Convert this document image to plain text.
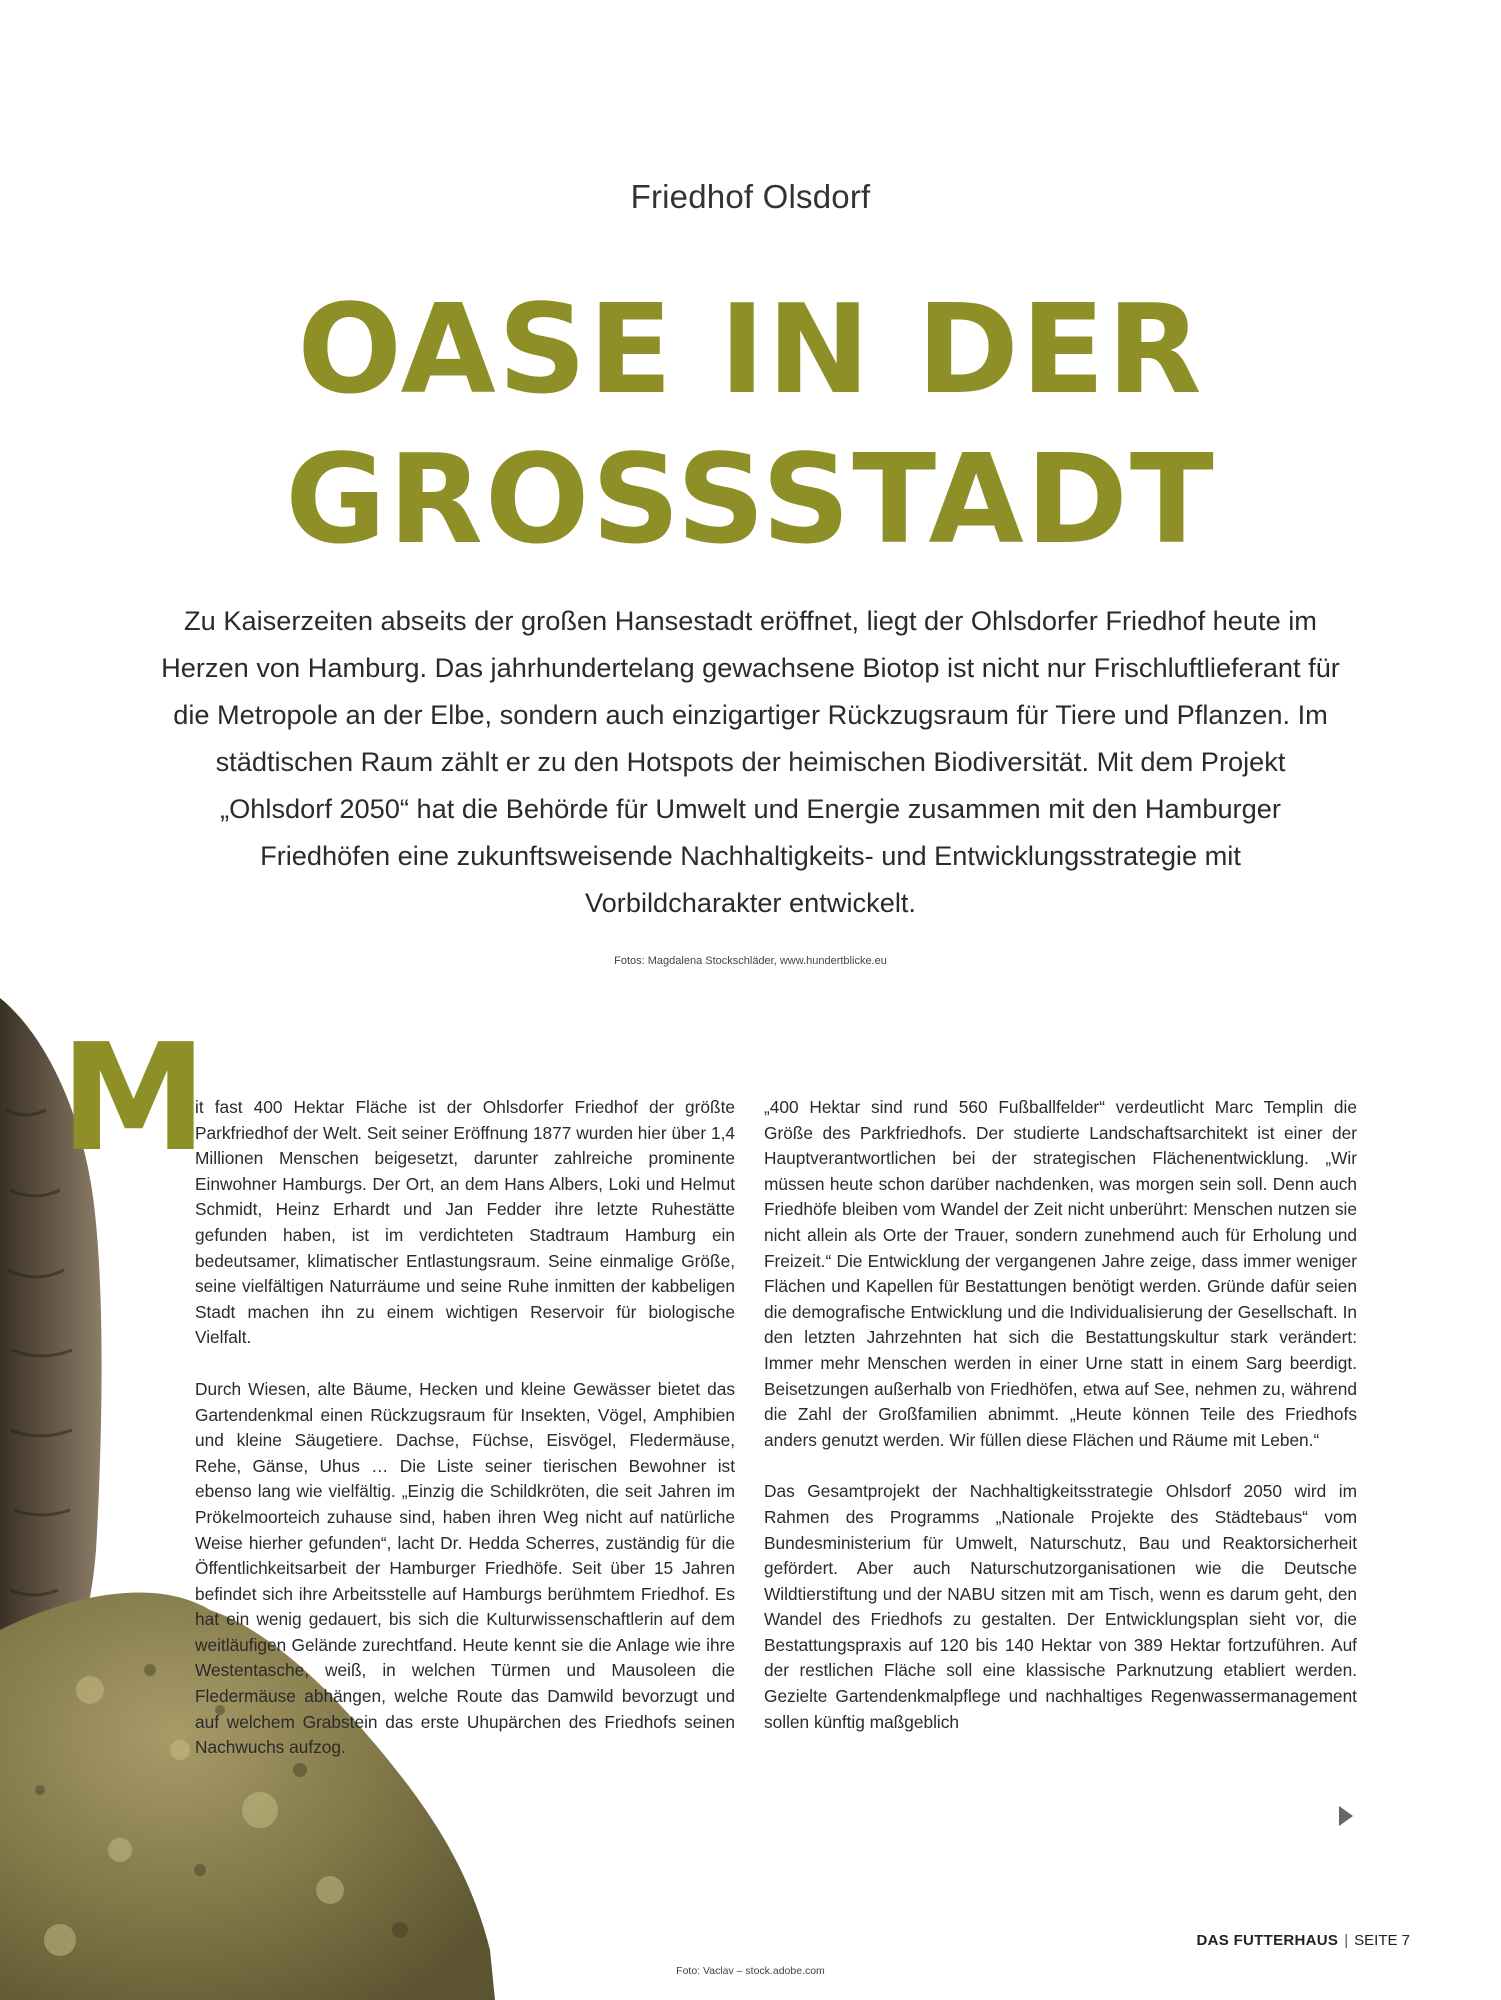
Friedhof Olsdorf
OASE IN DER
GROSSSTADT
Zu Kaiserzeiten abseits der großen Hansestadt eröffnet, liegt der Ohlsdorfer Friedhof heute im Herzen von Hamburg. Das jahrhundertelang gewachsene Biotop ist nicht nur Frischluftlieferant für die Metropole an der Elbe, sondern auch einzigartiger Rückzugsraum für Tiere und Pflanzen. Im städtischen Raum zählt er zu den Hotspots der heimischen Biodiversität. Mit dem Projekt „Ohlsdorf 2050“ hat die Behörde für Umwelt und Energie zusammen mit den Hamburger Friedhöfen eine zukunftsweisende Nachhaltigkeits- und Entwicklungsstrategie mit Vorbildcharakter entwickelt.
Fotos: Magdalena Stockschläder, www.hundertblicke.eu
M

it fast 400 Hektar Fläche ist der Ohlsdorfer Friedhof der größte Parkfriedhof der Welt. Seit seiner Eröffnung 1877 wurden hier über 1,4 Millionen Menschen beigesetzt, darunter zahlreiche prominente Einwohner Hamburgs. Der Ort, an dem Hans Albers, Loki und Helmut Schmidt, Heinz Erhardt und Jan Fedder ihre letzte Ruhestätte gefunden haben, ist im verdichteten Stadtraum Hamburg ein bedeutsamer, klimatischer Entlastungsraum. Seine einmalige Größe, seine vielfältigen Naturräume und seine Ruhe inmitten der kabbeligen Stadt machen ihn zu einem wichtigen Reservoir für biologische Vielfalt.

Durch Wiesen, alte Bäume, Hecken und kleine Gewässer bietet das Gartendenkmal einen Rückzugsraum für Insekten, Vögel, Amphibien und kleine Säugetiere. Dachse, Füchse, Eisvögel, Fledermäuse, Rehe, Gänse, Uhus … Die Liste seiner tierischen Bewohner ist ebenso lang wie vielfältig. „Einzig die Schildkröten, die seit Jahren im Prökelmoorteich zuhause sind, haben ihren Weg nicht auf natürliche Weise hierher gefunden“, lacht Dr. Hedda Scherres, zuständig für die Öffentlichkeitsarbeit der Hamburger Friedhöfe. Seit über 15 Jahren befindet sich ihre Arbeitsstelle auf Hamburgs berühmtem Friedhof. Es hat ein wenig gedauert, bis sich die Kulturwissenschaftlerin auf dem weitläufigen Gelände zurechtfand. Heute kennt sie die Anlage wie ihre Westentasche, weiß, in welchen Türmen und Mausoleen die Fledermäuse abhängen, welche Route das Damwild bevorzugt und auf welchem Grabstein das erste Uhupärchen des Friedhofs seinen Nachwuchs aufzog.

„400 Hektar sind rund 560 Fußballfelder“ verdeutlicht Marc Templin die Größe des Parkfriedhofs. Der studierte Landschaftsarchitekt ist einer der Hauptverantwortlichen bei der strategischen Flächenentwicklung. „Wir müssen heute schon darüber nachdenken, was morgen sein soll. Denn auch Friedhöfe bleiben vom Wandel der Zeit nicht unberührt: Menschen nutzen sie nicht allein als Orte der Trauer, sondern zunehmend auch für Erholung und Freizeit.“ Die Entwicklung der vergangenen Jahre zeige, dass immer weniger Flächen und Kapellen für Bestattungen benötigt werden. Gründe dafür seien die demografische Entwicklung und die Individualisierung der Gesellschaft. In den letzten Jahrzehnten hat sich die Bestattungskultur stark verändert: Immer mehr Menschen werden in einer Urne statt in einem Sarg beerdigt. Beisetzungen außerhalb von Friedhöfen, etwa auf See, nehmen zu, während die Zahl der Großfamilien abnimmt. „Heute können Teile des Friedhofs anders genutzt werden. Wir füllen diese Flächen und Räume mit Leben.“

Das Gesamtprojekt der Nachhaltigkeitsstrategie Ohlsdorf 2050 wird im Rahmen des Programms „Nationale Projekte des Städtebaus“ vom Bundesministerium für Umwelt, Naturschutz, Bau und Reaktorsicherheit gefördert. Aber auch Naturschutzorganisationen wie die Deutsche Wildtierstiftung und der NABU sitzen mit am Tisch, wenn es darum geht, den Wandel des Friedhofs zu gestalten. Der Entwicklungsplan sieht vor, die Bestattungspraxis auf 120 bis 140 Hektar von 389 Hektar fortzuführen. Auf der restlichen Fläche soll eine klassische Parknutzung etabliert werden. Gezielte Gartendenkmalpflege und nachhaltiges Regenwassermanagement sollen künftig maßgeblich

DAS FUTTERHAUS | SEITE 7
Foto: Vaclav – stock.adobe.com
